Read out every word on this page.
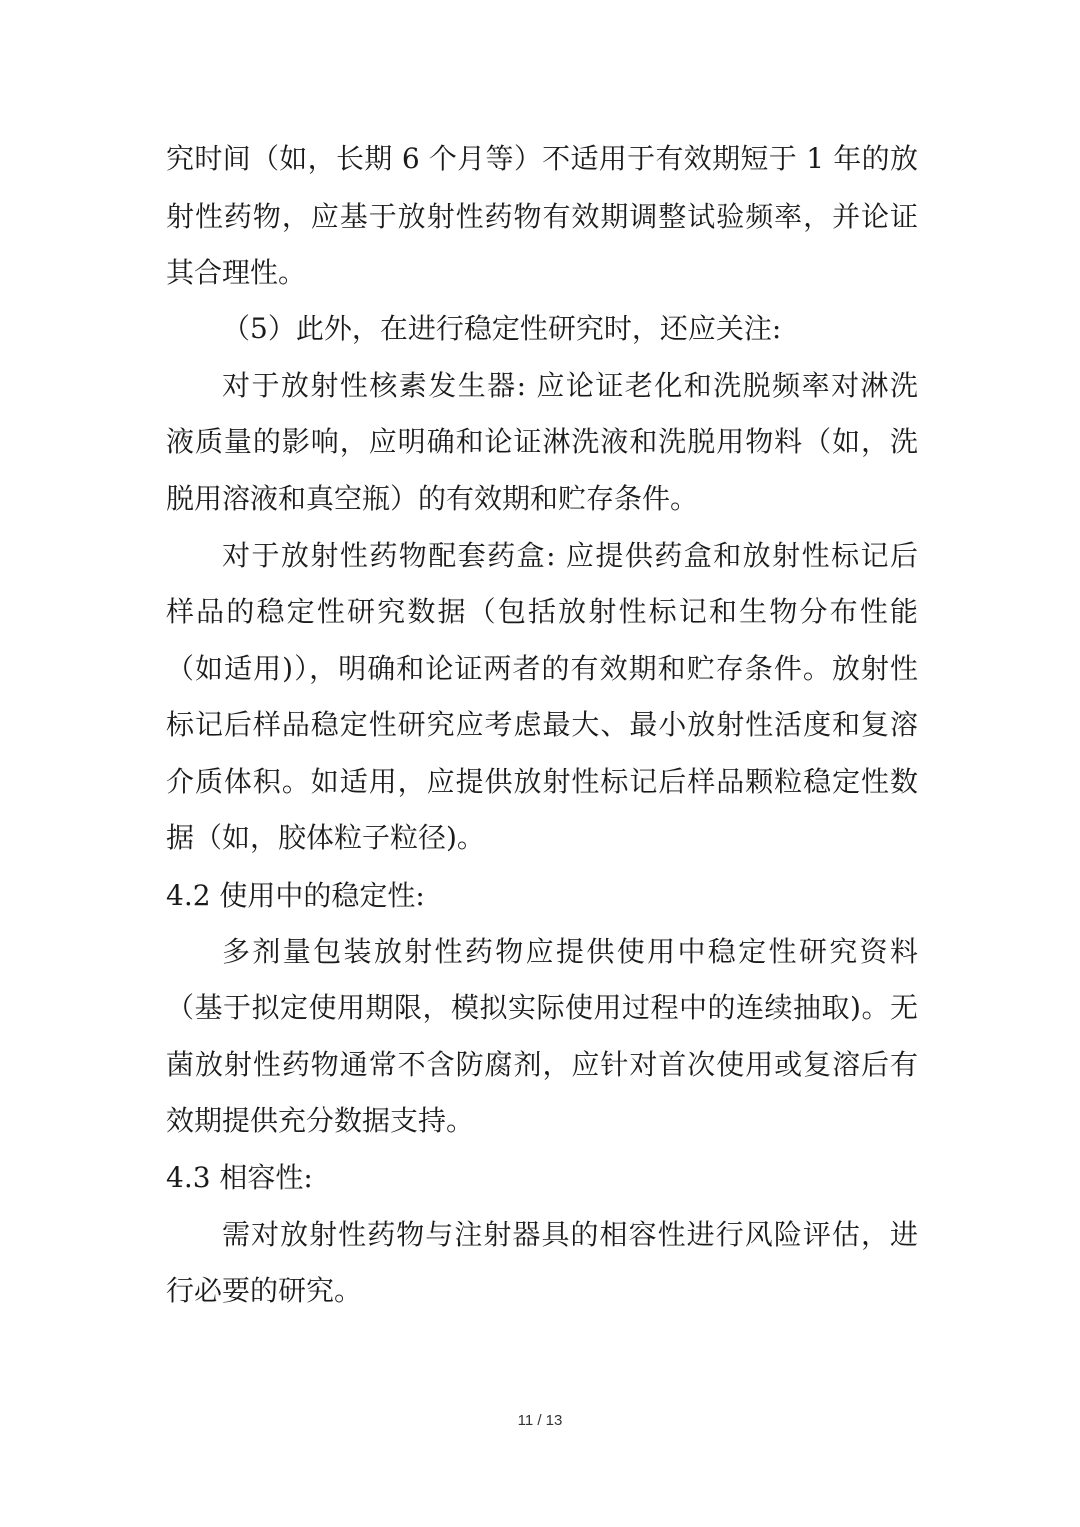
究时间（如，长期 6 个月等）不适用于有效期短于 1 年的放
射性药物，应基于放射性药物有效期调整试验频率，并论证
其合理性。
（5）此外，在进行稳定性研究时，还应关注:
对于放射性核素发生器: 应论证老化和洗脱频率对淋洗
液质量的影响，应明确和论证淋洗液和洗脱用物料（如，洗
脱用溶液和真空瓶）的有效期和贮存条件。
对于放射性药物配套药盒: 应提供药盒和放射性标记后
样品的稳定性研究数据（包括放射性标记和生物分布性能
（如适用)），明确和论证两者的有效期和贮存条件。放射性
标记后样品稳定性研究应考虑最大、最小放射性活度和复溶
介质体积。如适用，应提供放射性标记后样品颗粒稳定性数
据（如，胶体粒子粒径)。
4.2 使用中的稳定性:
多剂量包装放射性药物应提供使用中稳定性研究资料
（基于拟定使用期限，模拟实际使用过程中的连续抽取)。无
菌放射性药物通常不含防腐剂，应针对首次使用或复溶后有
效期提供充分数据支持。
4.3 相容性:
需对放射性药物与注射器具的相容性进行风险评估，进
行必要的研究。
11 / 13
